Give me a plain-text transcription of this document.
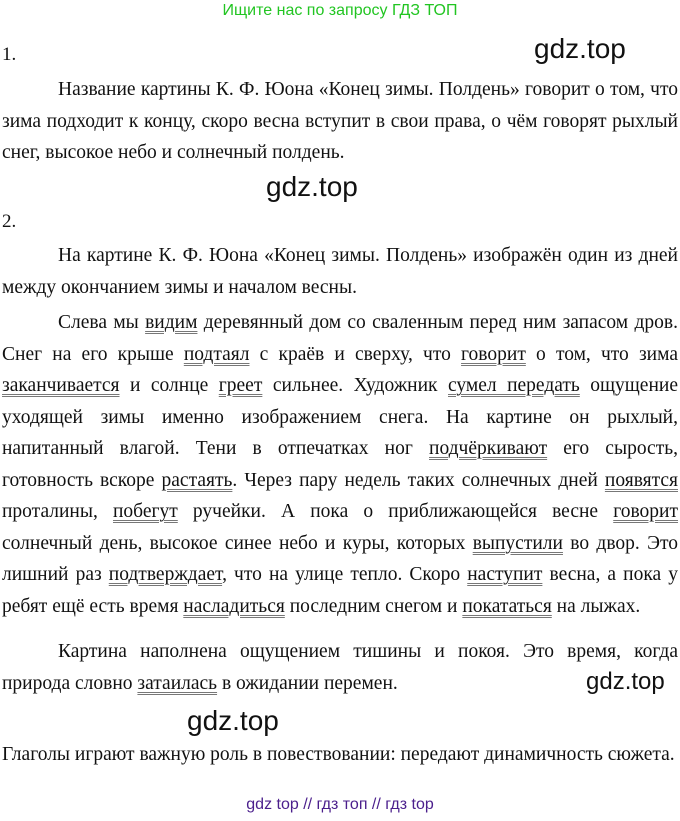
Ищите нас по запросу ГДЗ ТОП
gdz.top
gdz.top
gdz.top
gdz.top
1.

Название картины К. Ф. Юона «Конец зимы. Полдень» говорит о том, что зима подходит к концу, скоро весна вступит в свои права, о чём говорят рыхлый снег, высокое небо и солнечный полдень.

2.

На картине К. Ф. Юона «Конец зимы. Полдень» изображён один из дней между окончанием зимы и началом весны.

Слева мы видим деревянный дом со сваленным перед ним запасом дров. Снег на его крыше подтаял с краёв и сверху, что говорит о том, что зима заканчивается и солнце греет сильнее. Художник сумел передать ощущение уходящей зимы именно изображением снега. На картине он рыхлый, напитанный влагой. Тени в отпечатках ног подчёркивают его сырость, готовность вскоре растаять. Через пару недель таких солнечных дней появятся проталины, побегут ручейки. А пока о приближающейся весне говорит солнечный день, высокое синее небо и куры, которых выпустили во двор. Это лишний раз подтверждает, что на улице тепло. Скоро наступит весна, а пока у ребят ещё есть время насладиться последним снегом и покататься на лыжах.

Картина наполнена ощущением тишины и покоя. Это время, когда природа словно затаилась в ожидании перемен.

Глаголы играют важную роль в повествовании: передают динамичность сюжета.

gdz top // гдз топ // гдз top
